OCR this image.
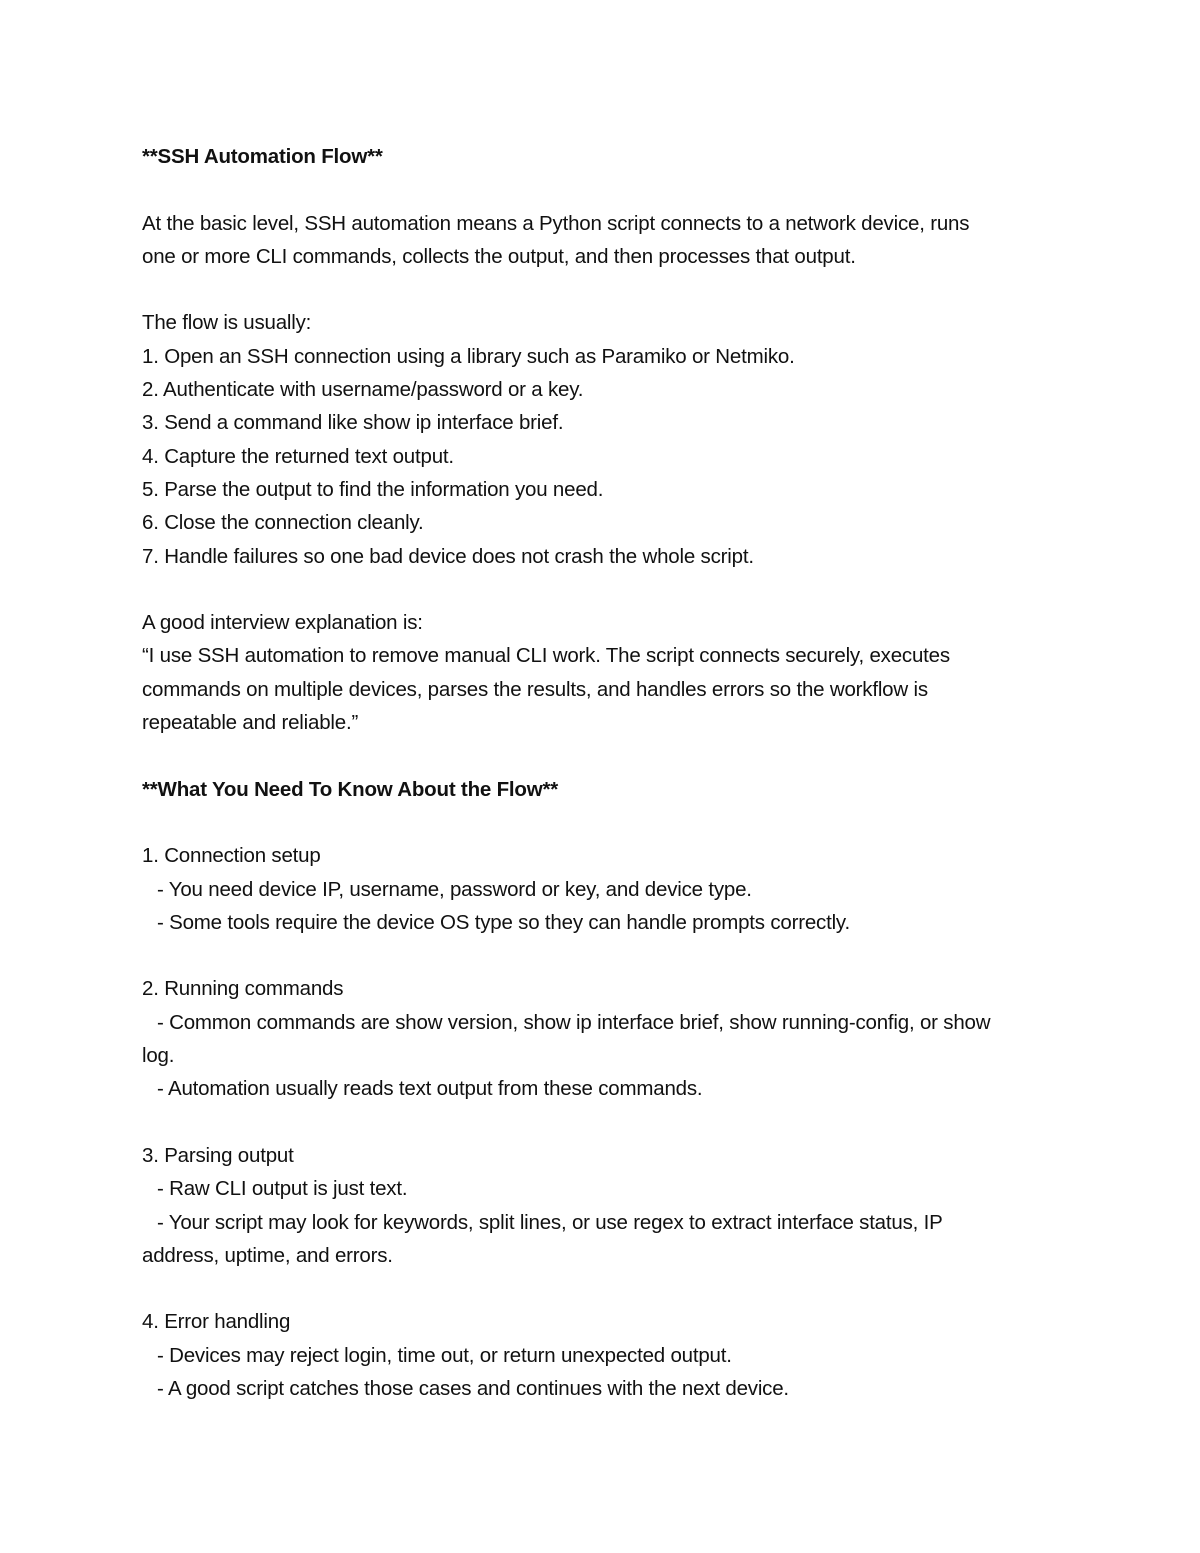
**SSH Automation Flow**
At the basic level, SSH automation means a Python script connects to a network device, runs
one or more CLI commands, collects the output, and then processes that output.
The flow is usually:
1. Open an SSH connection using a library such as Paramiko or Netmiko.
2. Authenticate with username/password or a key.
3. Send a command like show ip interface brief.
4. Capture the returned text output.
5. Parse the output to find the information you need.
6. Close the connection cleanly.
7. Handle failures so one bad device does not crash the whole script.
A good interview explanation is:
“I use SSH automation to remove manual CLI work. The script connects securely, executes
commands on multiple devices, parses the results, and handles errors so the workflow is
repeatable and reliable.”
**What You Need To Know About the Flow**
1. Connection setup
- You need device IP, username, password or key, and device type.
- Some tools require the device OS type so they can handle prompts correctly.
2. Running commands
- Common commands are show version, show ip interface brief, show running-config, or show
log.
- Automation usually reads text output from these commands.
3. Parsing output
- Raw CLI output is just text.
- Your script may look for keywords, split lines, or use regex to extract interface status, IP
address, uptime, and errors.
4. Error handling
- Devices may reject login, time out, or return unexpected output.
- A good script catches those cases and continues with the next device.
